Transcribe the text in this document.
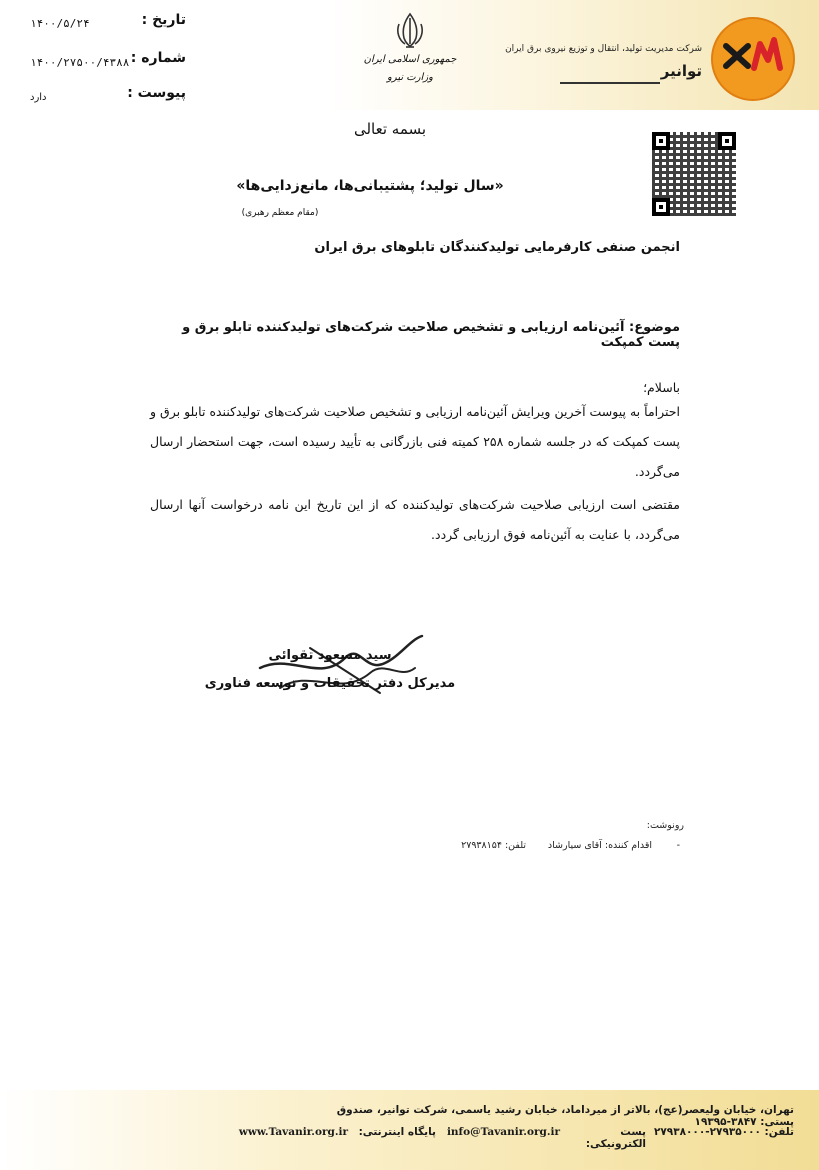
تاریخ :
۱۴۰۰/۵/۲۴
شماره :
۱۴۰۰/۲۷۵۰۰/۴۳۸۸
پیوست :
دارد
جمهوری اسلامی ایران
وزارت نیرو
شرکت مدیریت تولید، انتقال و توزیع نیروی برق ایران
توانیر
بسمه تعالی
«سال تولید؛ پشتیبانی‌ها، مانع‌زدایی‌ها»
(مقام معظم رهبری)
انجمن صنفی کارفرمایی تولیدکنندگان تابلوهای برق ایران
موضوع: آئین‌نامه ارزیابی و تشخیص صلاحیت شرکت‌های تولیدکننده تابلو برق و پست کمپکت
باسلام؛
احتراماً به پیوست آخرین ویرایش آئین‌نامه ارزیابی و تشخیص صلاحیت شرکت‌های تولیدکننده تابلو برق و پست کمپکت که در جلسه شماره ۲۵۸ کمیته فنی بازرگانی به تأیید رسیده است، جهت استحضار ارسال می‌گردد.
مقتضی است ارزیابی صلاحیت شرکت‌های تولیدکننده که از این تاریخ این نامه درخواست آنها ارسال می‌گردد، با عنایت به آئین‌نامه فوق ارزیابی گردد.
سید مسعود تقوائی
مدیرکل دفتر تحقیقات و توسعه فناوری
رونوشت:
-
اقدام کننده: آقای سیارشاد
تلفن: ۲۷۹۳۸۱۵۴
تهران، خیابان ولیعصر(عج)، بالاتر از میرداماد، خیابان رشید یاسمی، شرکت توانیر، صندوق پستی: ۳۸۴۷-۱۹۳۹۵
تلفن: ۲۷۹۳۵۰۰۰-۲۷۹۳۸۰۰۰
پست الکترونیکی:
info@Tavanir.org.ir
پایگاه اینترنتی:
www.Tavanir.org.ir
